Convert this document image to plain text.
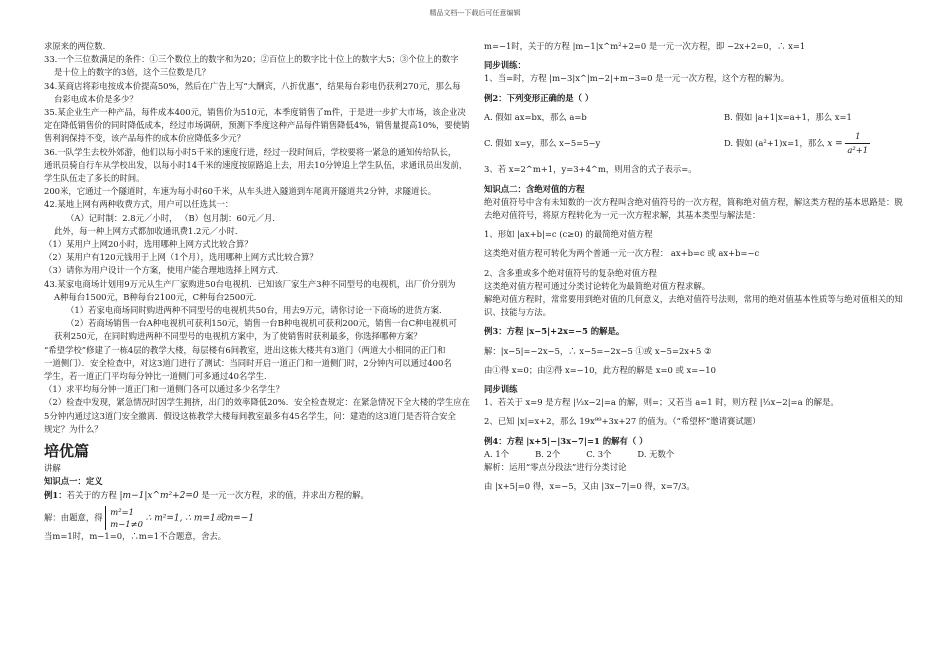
精品文档---下载后可任意编辑
求原来的两位数.
33.一个三位数满足的条件：①三个数位上的数字和为20；②百位上的数字比十位上的数字大5；③个位上的数字
是十位上的数字的3倍，这个三位数是几？
34.某商店将彩电按成本价提高50%，然后在广告上写“大酬宾，八折优惠”，结果每台彩电仍获利270元，那么每
台彩电成本价是多少？
35.某企业生产一种产品，每件成本400元，销售价为510元，本季度销售了m件，于是进一步扩大市场，该企业决
定在降低销售价的同时降低成本，经过市场调研，预测下季度这种产品每件销售降低4%，销售量提高10%，要使销
售利润保持不变，该产品每件的成本价应降低多少元？
36.一队学生去校外郊游，他们以每小时5千米的速度行进，经过一段时间后，学校要将一紧急的通知传给队长，
通讯员骑自行车从学校出发，以每小时14千米的速度按原路追上去，用去10分钟追上学生队伍，求通讯员出发前，
学生队伍走了多长的时间。
200米，它通过一个隧道时，车速为每小时60千米，从车头进入隧道到车尾离开隧道共2分钟，求隧道长。
42.某地上网有两种收费方式，用户可以任选其一：
（A）记时制：2.8元／小时， （B）包月制：60元／月．
此外，每一种上网方式都加收通讯费1.2元／小时．
（1）某用户上网20小时，选用哪种上网方式比较合算？
（2）某用户有120元钱用于上网（1个月），选用哪种上网方式比较合算？
（3）请你为用户设计一个方案，使用户能合理地选择上网方式．
43.某家电商场计划用9万元从生产厂家购进50台电视机．已知该厂家生产3种不同型号的电视机，出厂价分别为
A种每台1500元，B种每台2100元，C种每台2500元．
（1）若家电商场同时购进两种不同型号的电视机共50台，用去9万元，请你讨论一下商场的进货方案．
（2）若商场销售一台A种电视机可获利150元，销售一台B种电视机可获利200元，销售一台C种电视机可
获利250元，在同时购进两种不同型号的电视机方案中，为了使销售时获利最多，你选择哪种方案？
“希望学校”修建了一栋4层的教学大楼，每层楼有6间教室，进出这栋大楼共有3道门（两道大小相同的正门和
一道侧门）．安全检查中，对这3道门进行了测试：当同时开启一道正门和一道侧门时，2分钟内可以通过400名
学生，若一道正门平均每分钟比一道侧门可多通过40名学生．
（1）求平均每分钟一道正门和一道侧门各可以通过多少名学生？
（2）检查中发现，紧急情况时因学生拥挤，出门的效率降低20%．安全检查规定：在紧急情况下全大楼的学生应在
5分钟内通过这3道门安全撤离．假设这栋教学大楼每间教室最多有45名学生，问：建造的这3道门是否符合安全
规定？为什么？
培优篇
讲解
知识点一：定义
例1：若关于的方程 |m−1|x^m²+2=0 是一元一次方程，求的值，并求出方程的解。
解：由题意，得
m²=1
m−1≠0
∴ m²=1, ∴ m=1或m=−1
当m=1时，m−1=0，∴m=1不合题意，舍去。
m=−1时，关于的方程 |m−1|x^m²+2=0 是一元一次方程，即 −2x+2=0，∴ x=1
同步训练：
1、当=时，方程 |m−3|x^|m−2|+m−3=0 是一元一次方程，这个方程的解为。
例2：下列变形正确的是（ ）
A. 假如 ax=bx，那么 a=b	B. 假如 |a+1|x=a+1，那么 x=1
C. 假如 x=y，那么 x−5=5−y	D. 假如 (a²+1)x=1，那么 $x = \frac{1}{\text{a²+1}}$
3、若 x=2^m+1，y=3+4^m，则用含的式子表示=。
知识点二：含绝对值的方程
绝对值符号中含有未知数的一次方程叫含绝对值符号的一次方程，简称绝对值方程，解这类方程的基本思路是：脱
去绝对值符号，将原方程转化为一元一次方程求解，其基本类型与解法是：
1、形如 |ax+b|=c (c≥0) 的最简绝对值方程
这类绝对值方程可转化为两个普通一元一次方程： ax+b=c 或 ax+b=−c
2、含多重或多个绝对值符号的复杂绝对值方程
这类绝对值方程可通过分类讨论转化为最简绝对值方程求解。
解绝对值方程时，常常要用到绝对值的几何意义，去绝对值符号法则，常用的绝对值基本性质等与绝对值相关的知
识、技能与方法。
例3：方程 |x−5|+2x=−5 的解是。
解：|x−5|=−2x−5，∴ x−5=−2x−5 ①或 x−5=2x+5 ②
由①得 x=0；由②得 x=−10，此方程的解是 x=0 或 x=−10
同步训练
1、若关于 x=9 是方程 |⅓x−2|=a 的解，则=；又若当 a=1 时，则方程 |⅓x−2|=a 的解是。
2、已知 |x|=x+2，那么 19x⁹⁹+3x+27 的值为。（“希望杯”邀请赛试题）
例4：方程 |x+5|−|3x−7|=1 的解有（ ）
A. 1个	B. 2个	C. 3个	D. 无数个
解析：运用“零点分段法”进行分类讨论
由 |x+5|=0 得，x=−5，又由 |3x−7|=0 得，x=7/3。
